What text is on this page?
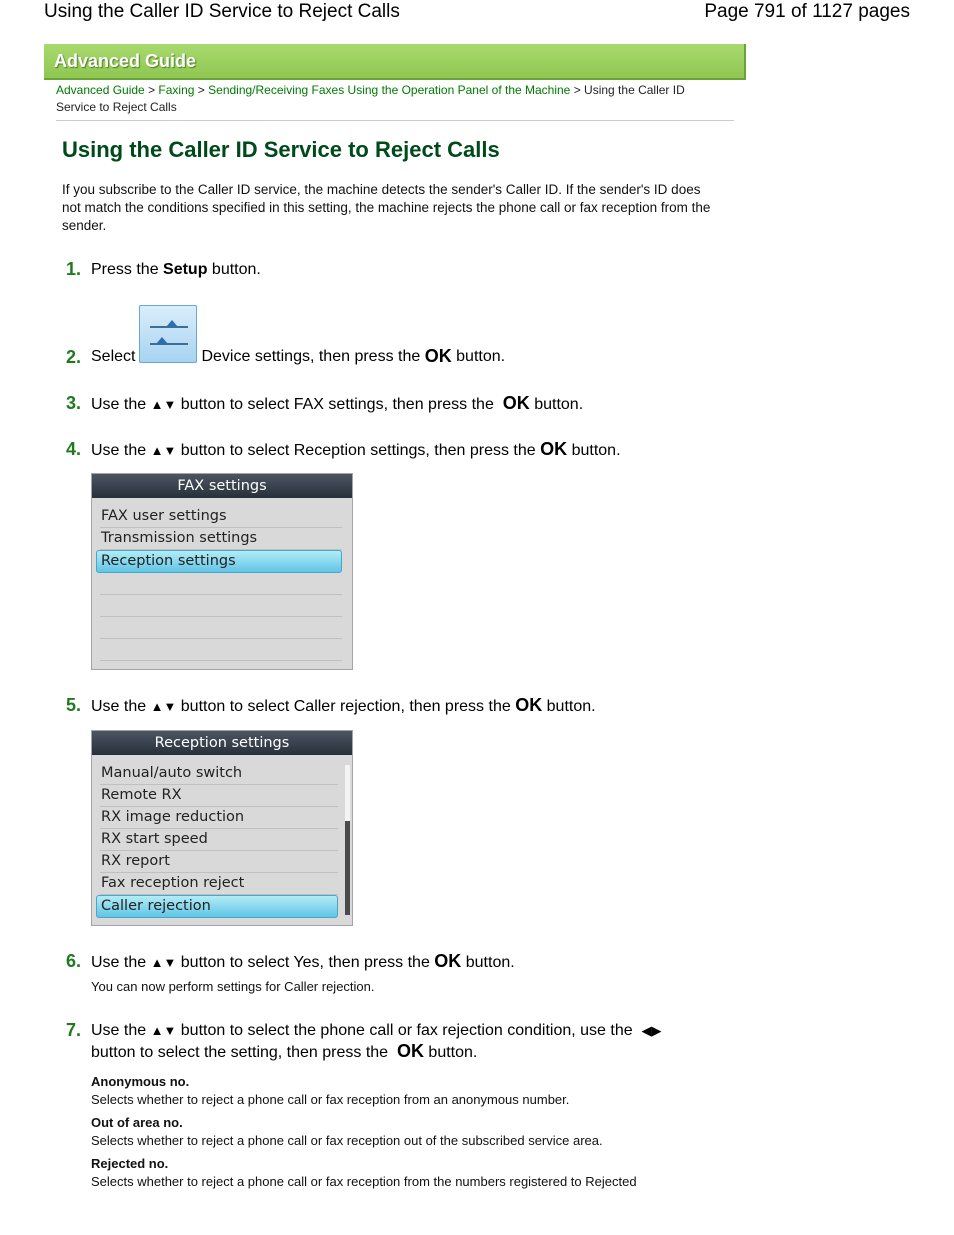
Using the Caller ID Service to Reject Calls	Page 791 of 1127 pages
Advanced Guide
Advanced Guide > Faxing > Sending/Receiving Faxes Using the Operation Panel of the Machine > Using the Caller ID Service to Reject Calls
Using the Caller ID Service to Reject Calls
If you subscribe to the Caller ID service, the machine detects the sender's Caller ID. If the sender's ID does not match the conditions specified in this setting, the machine rejects the phone call or fax reception from the sender.
1. Press the Setup button.
2. Select	Device settings, then press the OK button.
3. Use the ▲▼ button to select FAX settings, then press the OK button.
4. Use the ▲▼ button to select Reception settings, then press the OK button.
FAX settings
FAX user settings
Transmission settings
Reception settings
5. Use the ▲▼ button to select Caller rejection, then press the OK button.
Reception settings
Manual/auto switch
Remote RX
RX image reduction
RX start speed
RX report
Fax reception reject
Caller rejection
6. Use the ▲▼ button to select Yes, then press the OK button.
You can now perform settings for Caller rejection.
7. Use the ▲▼ button to select the phone call or fax rejection condition, use the ◀▶
button to select the setting, then press the OK button.
Anonymous no.
Selects whether to reject a phone call or fax reception from an anonymous number.
Out of area no.
Selects whether to reject a phone call or fax reception out of the subscribed service area.
Rejected no.
Selects whether to reject a phone call or fax reception from the numbers registered to Rejected
